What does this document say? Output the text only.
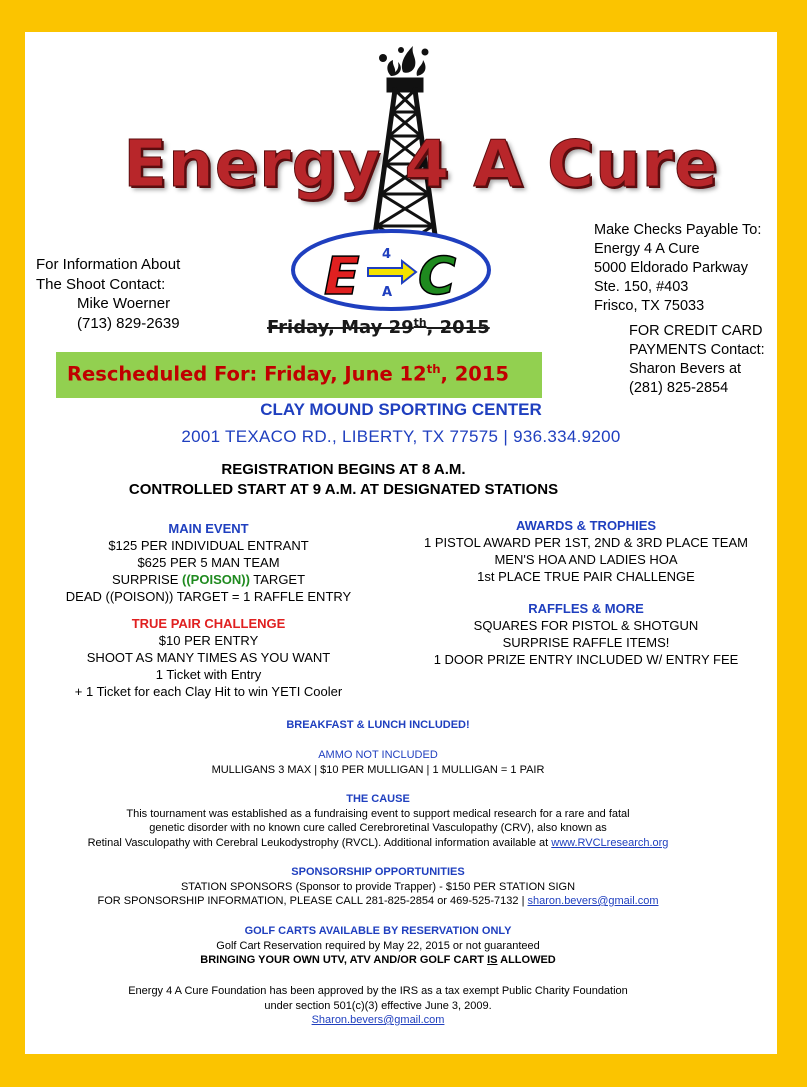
Energy 4 A Cure
E C
4
A
For Information About
The Shoot Contact:
Mike Woerner
(713) 829-2639
Make Checks Payable To:
Energy 4 A Cure
5000 Eldorado Parkway
Ste. 150, #403
Frisco, TX 75033
FOR CREDIT CARD
PAYMENTS Contact:
Sharon Bevers at
(281) 825-2854
Friday, May 29th, 2015
Rescheduled For: Friday, June 12th, 2015
CLAY MOUND SPORTING CENTER
2001 TEXACO RD., LIBERTY, TX 77575 | 936.334.9200
REGISTRATION BEGINS AT 8 A.M.
CONTROLLED START AT 9 A.M. AT DESIGNATED STATIONS
MAIN EVENT
$125 PER INDIVIDUAL ENTRANT
$625 PER 5 MAN TEAM
SURPRISE ((POISON)) TARGET
DEAD ((POISON)) TARGET = 1 RAFFLE ENTRY
TRUE PAIR CHALLENGE
$10 PER ENTRY
SHOOT AS MANY TIMES AS YOU WANT
1 Ticket with Entry
+ 1 Ticket for each Clay Hit to win YETI Cooler
AWARDS & TROPHIES
1 PISTOL AWARD PER 1ST, 2ND & 3RD PLACE TEAM
MEN'S HOA AND LADIES HOA
1st PLACE TRUE PAIR CHALLENGE
RAFFLES & MORE
SQUARES FOR PISTOL & SHOTGUN
SURPRISE RAFFLE ITEMS!
1 DOOR PRIZE ENTRY INCLUDED W/ ENTRY FEE
BREAKFAST & LUNCH INCLUDED!
AMMO NOT INCLUDED
MULLIGANS 3 MAX | $10 PER MULLIGAN | 1 MULLIGAN = 1 PAIR
THE CAUSE
This tournament was established as a fundraising event to support medical research for a rare and fatal
genetic disorder with no known cure called Cerebroretinal Vasculopathy (CRV), also known as
Retinal Vasculopathy with Cerebral Leukodystrophy (RVCL). Additional information available at www.RVCLresearch.org
SPONSORSHIP OPPORTUNITIES
STATION SPONSORS (Sponsor to provide Trapper) - $150 PER STATION SIGN
FOR SPONSORSHIP INFORMATION, PLEASE CALL 281-825-2854 or 469-525-7132 | sharon.bevers@gmail.com
GOLF CARTS AVAILABLE BY RESERVATION ONLY
Golf Cart Reservation required by May 22, 2015 or not guaranteed
BRINGING YOUR OWN UTV, ATV AND/OR GOLF CART IS ALLOWED
Energy 4 A Cure Foundation has been approved by the IRS as a tax exempt Public Charity Foundation
under section 501(c)(3) effective June 3, 2009.
Sharon.bevers@gmail.com
